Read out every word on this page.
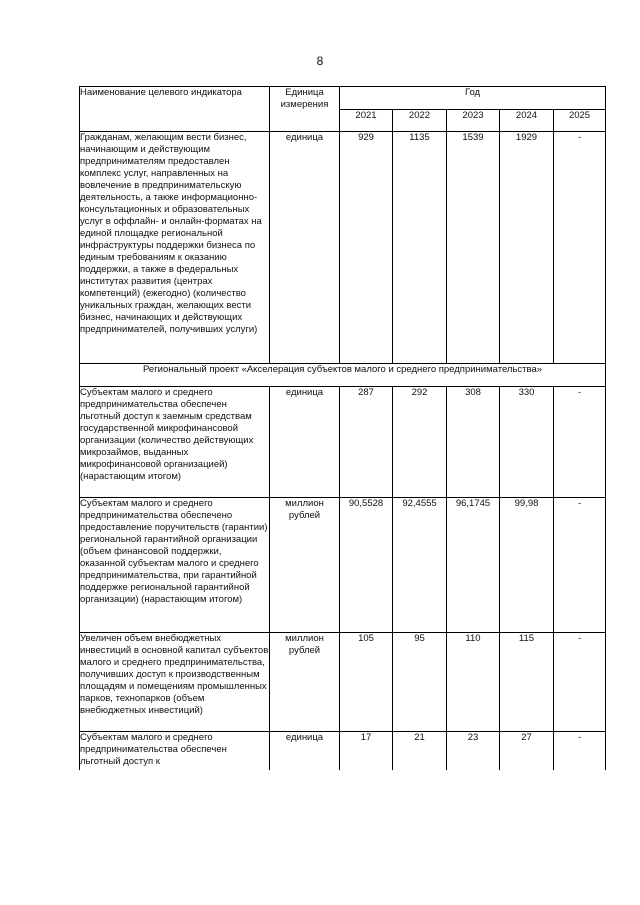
8
Наименование целевого индикатора	Единица измерения	Год				
		2021	2022	2023	2024	2025
Гражданам, желающим вести бизнес, начинающим и действующим предпринимателям предоставлен комплекс услуг, направленных на вовлечение в предпринимательскую деятельность, а также информационно-консультационных и образовательных услуг в оффлайн- и онлайн-форматах на единой площадке региональной инфраструктуры поддержки бизнеса по единым требованиям к оказанию поддержки, а также в федеральных институтах развития (центрах компетенций) (ежегодно) (количество уникальных граждан, желающих вести бизнес, начинающих и действующих предпринимателей, получивших услуги)	единица	929	1135	1539	1929	-
Региональный проект «Акселерация субъектов малого и среднего предпринимательства»						
Субъектам малого и среднего предпринимательства обеспечен льготный доступ к заемным средствам государственной микрофинансовой организации (количество действующих микрозаймов, выданных микрофинансовой организацией) (нарастающим итогом)	единица	287	292	308	330	-
Субъектам малого и среднего предпринимательства обеспечено предоставление поручительств (гарантии) региональной гарантийной организации (объем финансовой поддержки, оказанной субъектам малого и среднего предпринимательства, при гарантийной поддержке региональной гарантийной организации) (нарастающим итогом)	миллион рублей	90,5528	92,4555	96,1745	99,98	-
Увеличен объем внебюджетных инвестиций в основной капитал субъектов малого и среднего предпринимательства, получивших доступ к производственным площадям и помещениям промышленных парков, технопарков (объем внебюджетных инвестиций)	миллион рублей	105	95	110	115	-
Субъектам малого и среднего предпринимательства обеспечен льготный доступ к	единица	17	21	23	27	-
